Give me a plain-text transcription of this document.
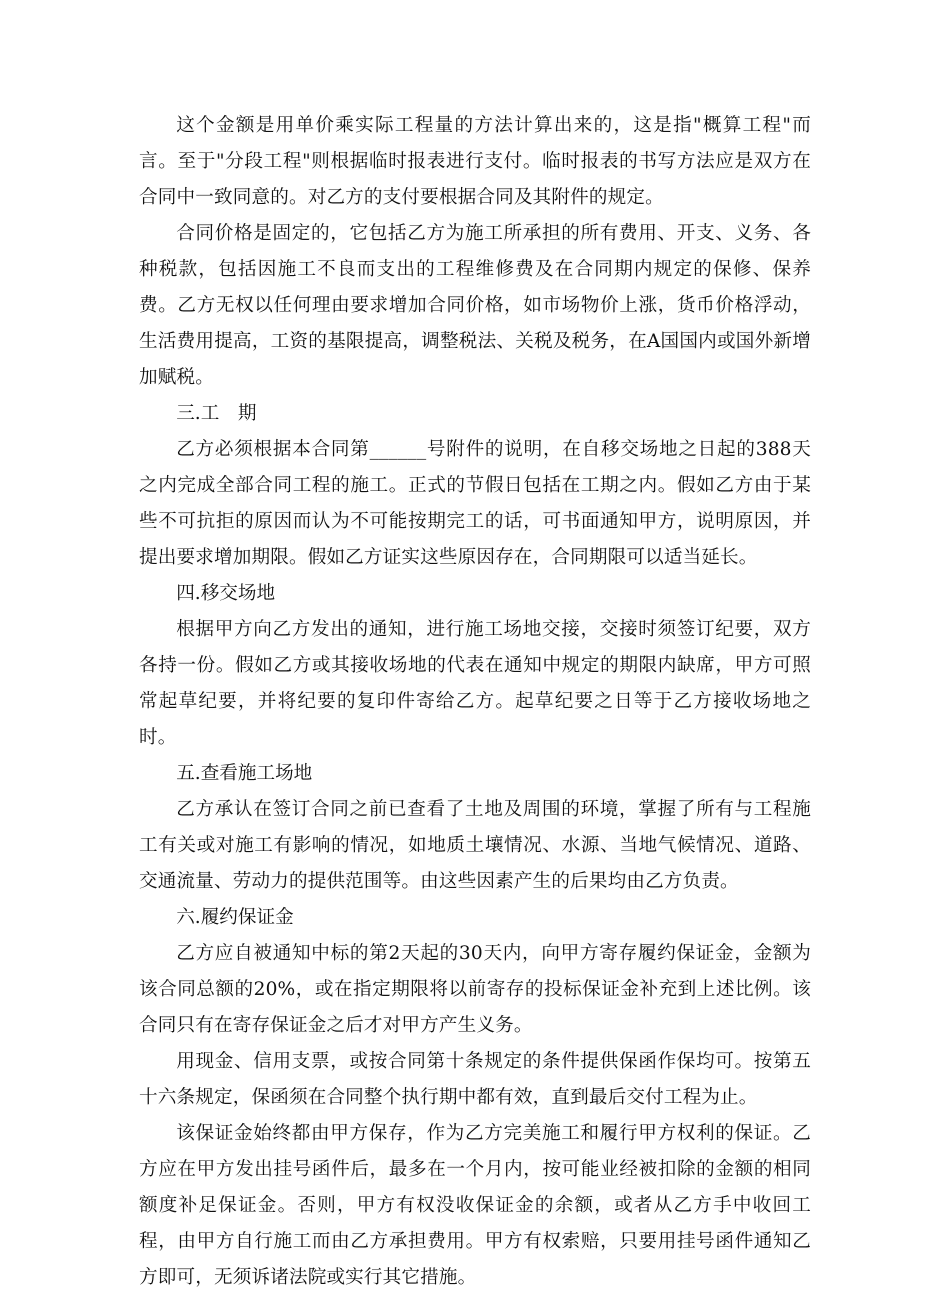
这个金额是用单价乘实际工程量的方法计算出来的，这是指"概算工程"而言。至于"分段工程"则根据临时报表进行支付。临时报表的书写方法应是双方在合同中一致同意的。对乙方的支付要根据合同及其附件的规定。

合同价格是固定的，它包括乙方为施工所承担的所有费用、开支、义务、各种税款，包括因施工不良而支出的工程维修费及在合同期内规定的保修、保养费。乙方无权以任何理由要求增加合同价格，如市场物价上涨，货币价格浮动，生活费用提高，工资的基限提高，调整税法、关税及税务，在A国国内或国外新增加赋税。

三.工　期

乙方必须根据本合同第______号附件的说明，在自移交场地之日起的388天之内完成全部合同工程的施工。正式的节假日包括在工期之内。假如乙方由于某些不可抗拒的原因而认为不可能按期完工的话，可书面通知甲方，说明原因，并提出要求增加期限。假如乙方证实这些原因存在，合同期限可以适当延长。

四.移交场地

根据甲方向乙方发出的通知，进行施工场地交接，交接时须签订纪要，双方各持一份。假如乙方或其接收场地的代表在通知中规定的期限内缺席，甲方可照常起草纪要，并将纪要的复印件寄给乙方。起草纪要之日等于乙方接收场地之时。

五.查看施工场地

乙方承认在签订合同之前已查看了土地及周围的环境，掌握了所有与工程施工有关或对施工有影响的情况，如地质土壤情况、水源、当地气候情况、道路、交通流量、劳动力的提供范围等。由这些因素产生的后果均由乙方负责。

六.履约保证金

乙方应自被通知中标的第2天起的30天内，向甲方寄存履约保证金，金额为该合同总额的20%，或在指定期限将以前寄存的投标保证金补充到上述比例。该合同只有在寄存保证金之后才对甲方产生义务。

用现金、信用支票，或按合同第十条规定的条件提供保函作保均可。按第五十六条规定，保函须在合同整个执行期中都有效，直到最后交付工程为止。

该保证金始终都由甲方保存，作为乙方完美施工和履行甲方权利的保证。乙方应在甲方发出挂号函件后，最多在一个月内，按可能业经被扣除的金额的相同额度补足保证金。否则，甲方有权没收保证金的余额，或者从乙方手中收回工程，由甲方自行施工而由乙方承担费用。甲方有权索赔，只要用挂号函件通知乙方即可，无须诉诸法院或实行其它措施。
